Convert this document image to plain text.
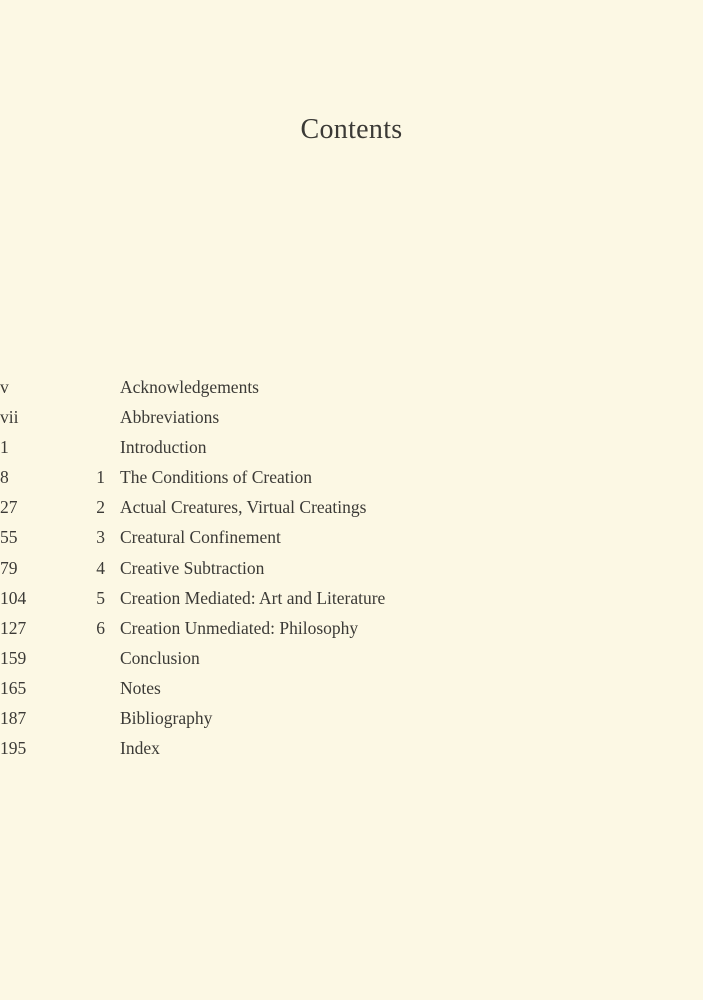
Contents
Acknowledgements
v
Abbreviations
vii
Introduction
1
1 The Conditions of Creation
8
2 Actual Creatures, Virtual Creatings
27
3 Creatural Confinement
55
4 Creative Subtraction
79
5 Creation Mediated: Art and Literature
104
6 Creation Unmediated: Philosophy
127
Conclusion
159
Notes
165
Bibliography
187
Index
195
